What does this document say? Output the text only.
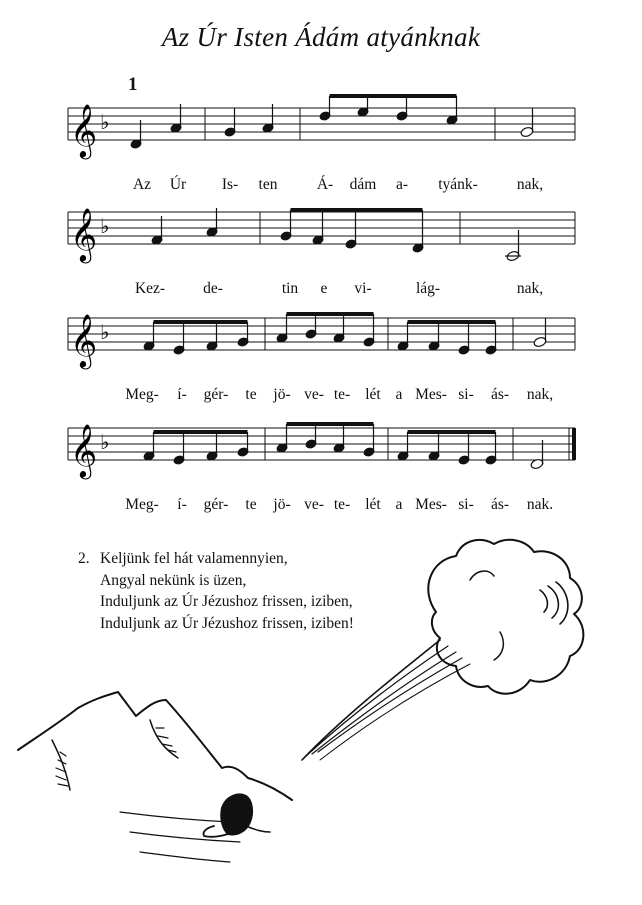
Az Úr Isten Ádám atyánknak
1
𝄞 ♭
Az Úr Is- ten	Á- dám a- tyánk-	nak,
𝄞 ♭
Kez- de-	tin e vi-	lág-	nak,
𝄞 ♭
Meg- í- gér- te jö- ve- te- lét a Mes- si- ás- nak,
𝄞 ♭
Meg- í- gér- te jö- ve- te- lét a Mes- si- ás- nak.
2. Keljünk fel hát valamennyien,
Angyal nekünk is üzen,
Induljunk az Úr Jézushoz frissen, iziben,
Induljunk az Úr Jézushoz frissen, iziben!
